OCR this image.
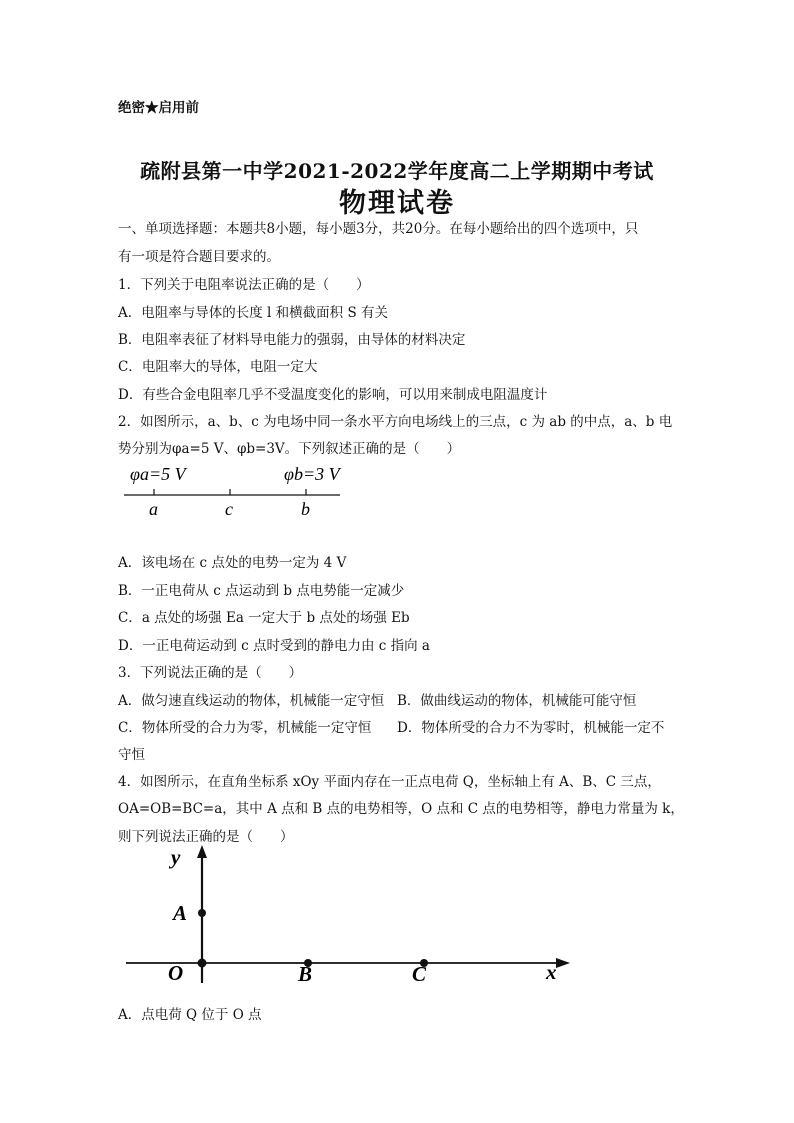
绝密★启用前
疏附县第一中学2021-2022学年度高二上学期期中考试
物理试卷
一、单项选择题：本题共8小题，每小题3分，共20分。在每小题给出的四个选项中，只
有一项是符合题目要求的。
1．下列关于电阻率说法正确的是（　　）
A．电阻率与导体的长度 l 和横截面积 S 有关
B．电阻率表征了材料导电能力的强弱，由导体的材料决定
C．电阻率大的导体，电阻一定大
D．有些合金电阻率几乎不受温度变化的影响，可以用来制成电阻温度计
2．如图所示，a、b、c 为电场中同一条水平方向电场线上的三点，c 为 ab 的中点，a、b 电
势分别为φa=5 V、φb=3V。下列叙述正确的是（　　）
φa=5 V	φb=3 V
a	c	b
A．该电场在 c 点处的电势一定为 4 V
B．一正电荷从 c 点运动到 b 点电势能一定减少
C．a 点处的场强 Ea 一定大于 b 点处的场强 Eb
D．一正电荷运动到 c 点时受到的静电力由 c 指向 a
3．下列说法正确的是（　　）
A．做匀速直线运动的物体，机械能一定守恒 B．做曲线运动的物体，机械能可能守恒
C．物体所受的合力为零，机械能一定守恒 D．物体所受的合力不为零时，机械能一定不
守恒
4．如图所示，在直角坐标系 xOy 平面内存在一正点电荷 Q，坐标轴上有 A、B、C 三点，
OA=OB=BC=a，其中 A 点和 B 点的电势相等，O 点和 C 点的电势相等，静电力常量为 k，
则下列说法正确的是（　　）
y
A
O	B	C	x
A．点电荷 Q 位于 O 点
